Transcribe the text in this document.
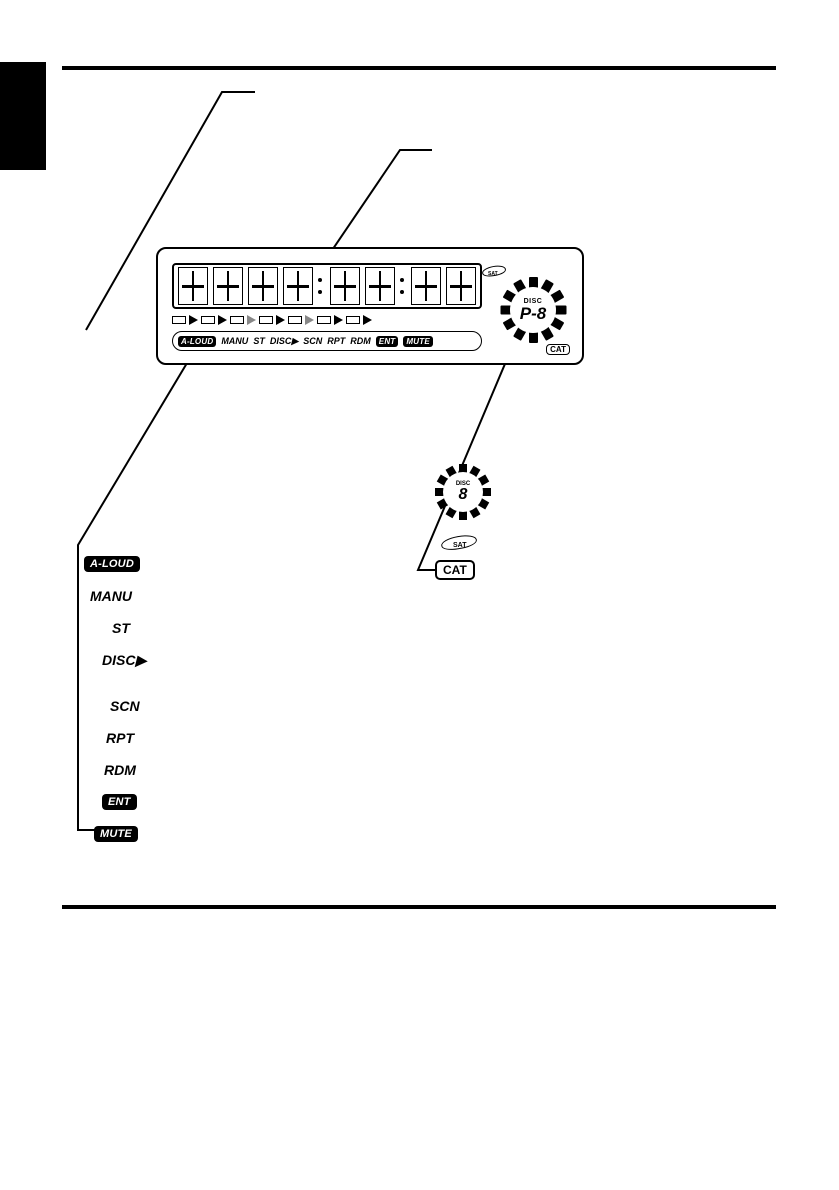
A-LOUD MANU ST DISC▶ SCN RPT RDM	ENT	MUTE
SAT
DISC
P-8
CAT
A-LOUD
MANU
ST
DISC▶
SCN
RPT
RDM
ENT
MUTE
DISC
8
SAT
CAT
